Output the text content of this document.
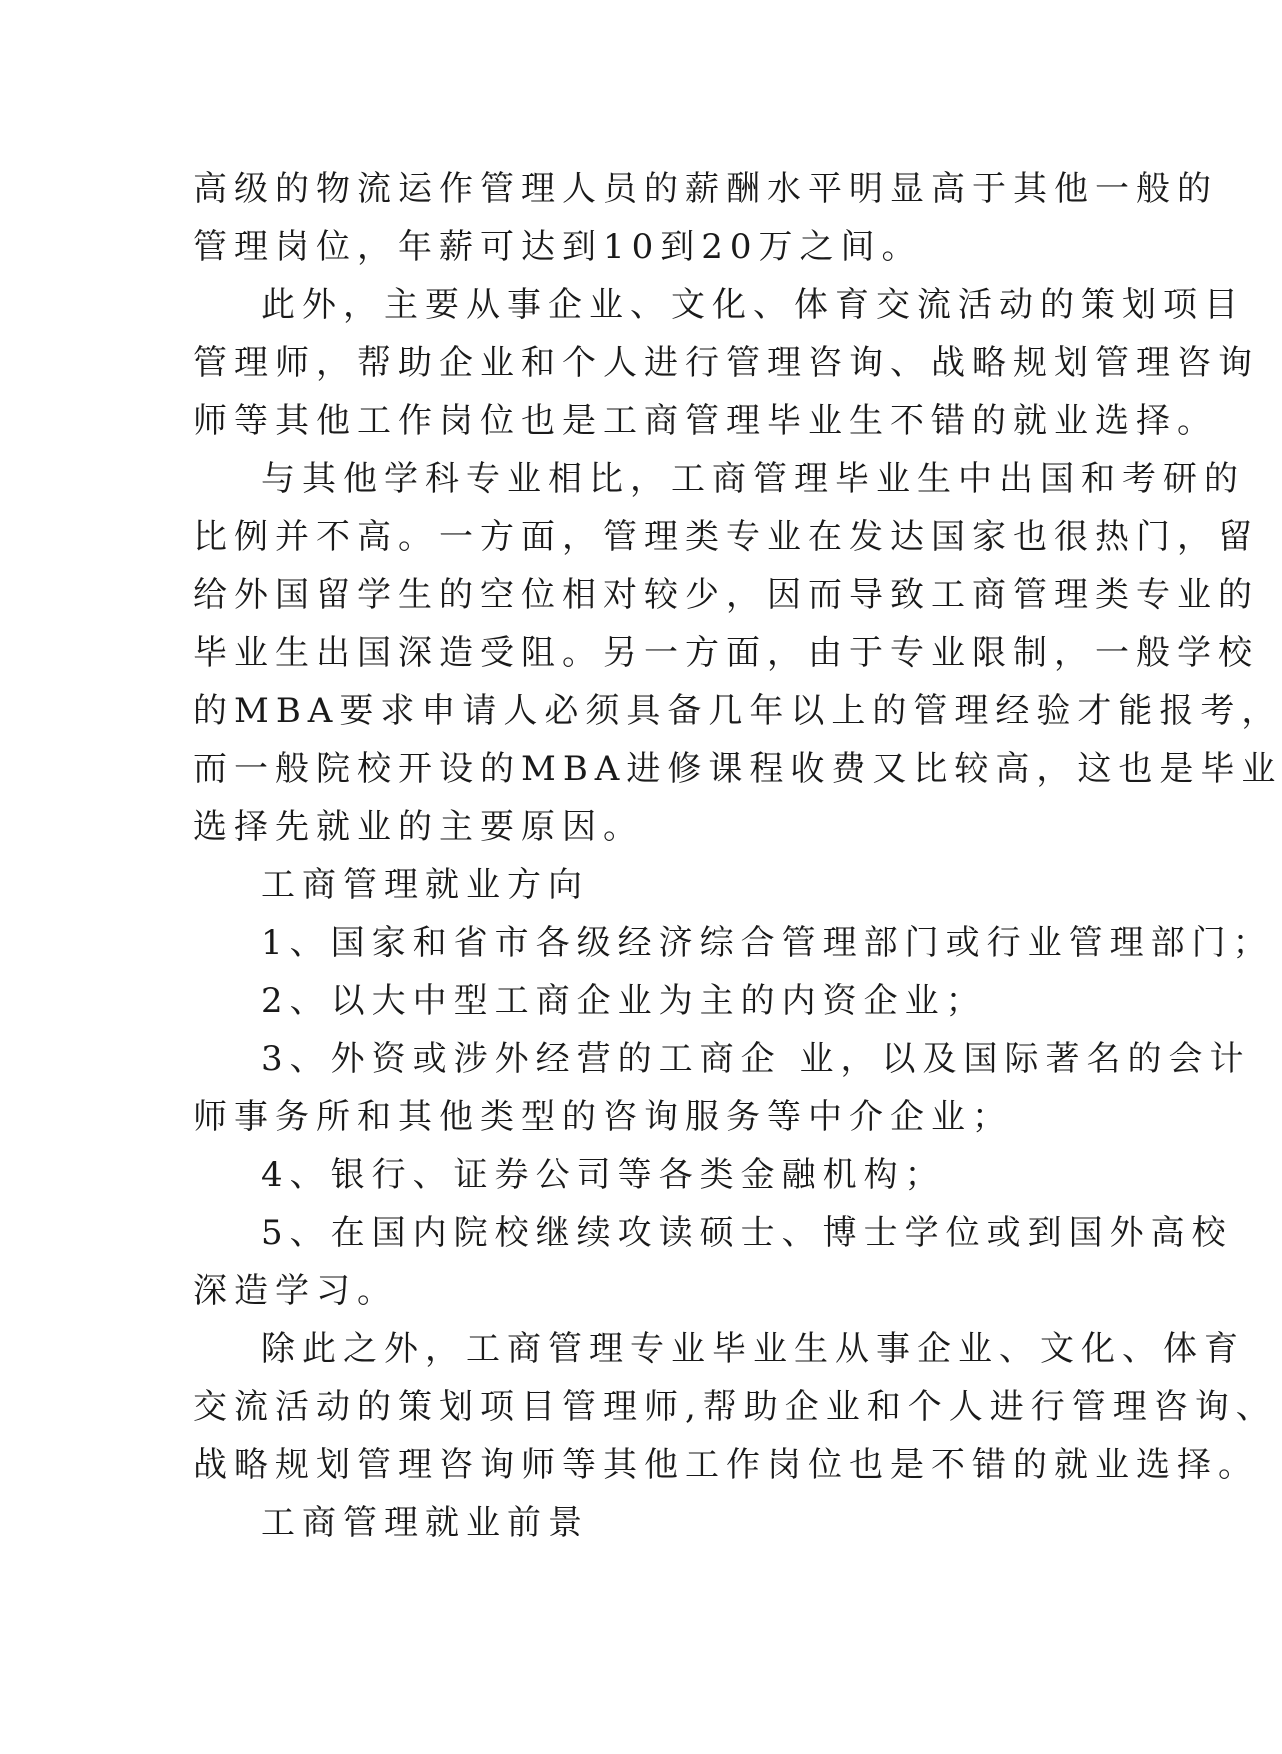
高级的物流运作管理人员的薪酬水平明显高于其他一般的
管理岗位，年薪可达到10到20万之间。
此外，主要从事企业、文化、体育交流活动的策划项目
管理师，帮助企业和个人进行管理咨询、战略规划管理咨询
师等其他工作岗位也是工商管理毕业生不错的就业选择。
与其他学科专业相比，工商管理毕业生中出国和考研的
比例并不高。一方面，管理类专业在发达国家也很热门，留
给外国留学生的空位相对较少，因而导致工商管理类专业的
毕业生出国深造受阻。另一方面，由于专业限制，一般学校
的MBA要求申请人必须具备几年以上的管理经验才能报考，
而一般院校开设的MBA进修课程收费又比较高，这也是毕业
选择先就业的主要原因。
工商管理就业方向
1、国家和省市各级经济综合管理部门或行业管理部门；
2、以大中型工商企业为主的内资企业；
3、外资或涉外经营的工商企 业，以及国际著名的会计
师事务所和其他类型的咨询服务等中介企业；
4、银行、证券公司等各类金融机构；
5、在国内院校继续攻读硕士、博士学位或到国外高校
深造学习。
除此之外，工商管理专业毕业生从事企业、文化、体育
交流活动的策划项目管理师,帮助企业和个人进行管理咨询、
战略规划管理咨询师等其他工作岗位也是不错的就业选择。
工商管理就业前景
